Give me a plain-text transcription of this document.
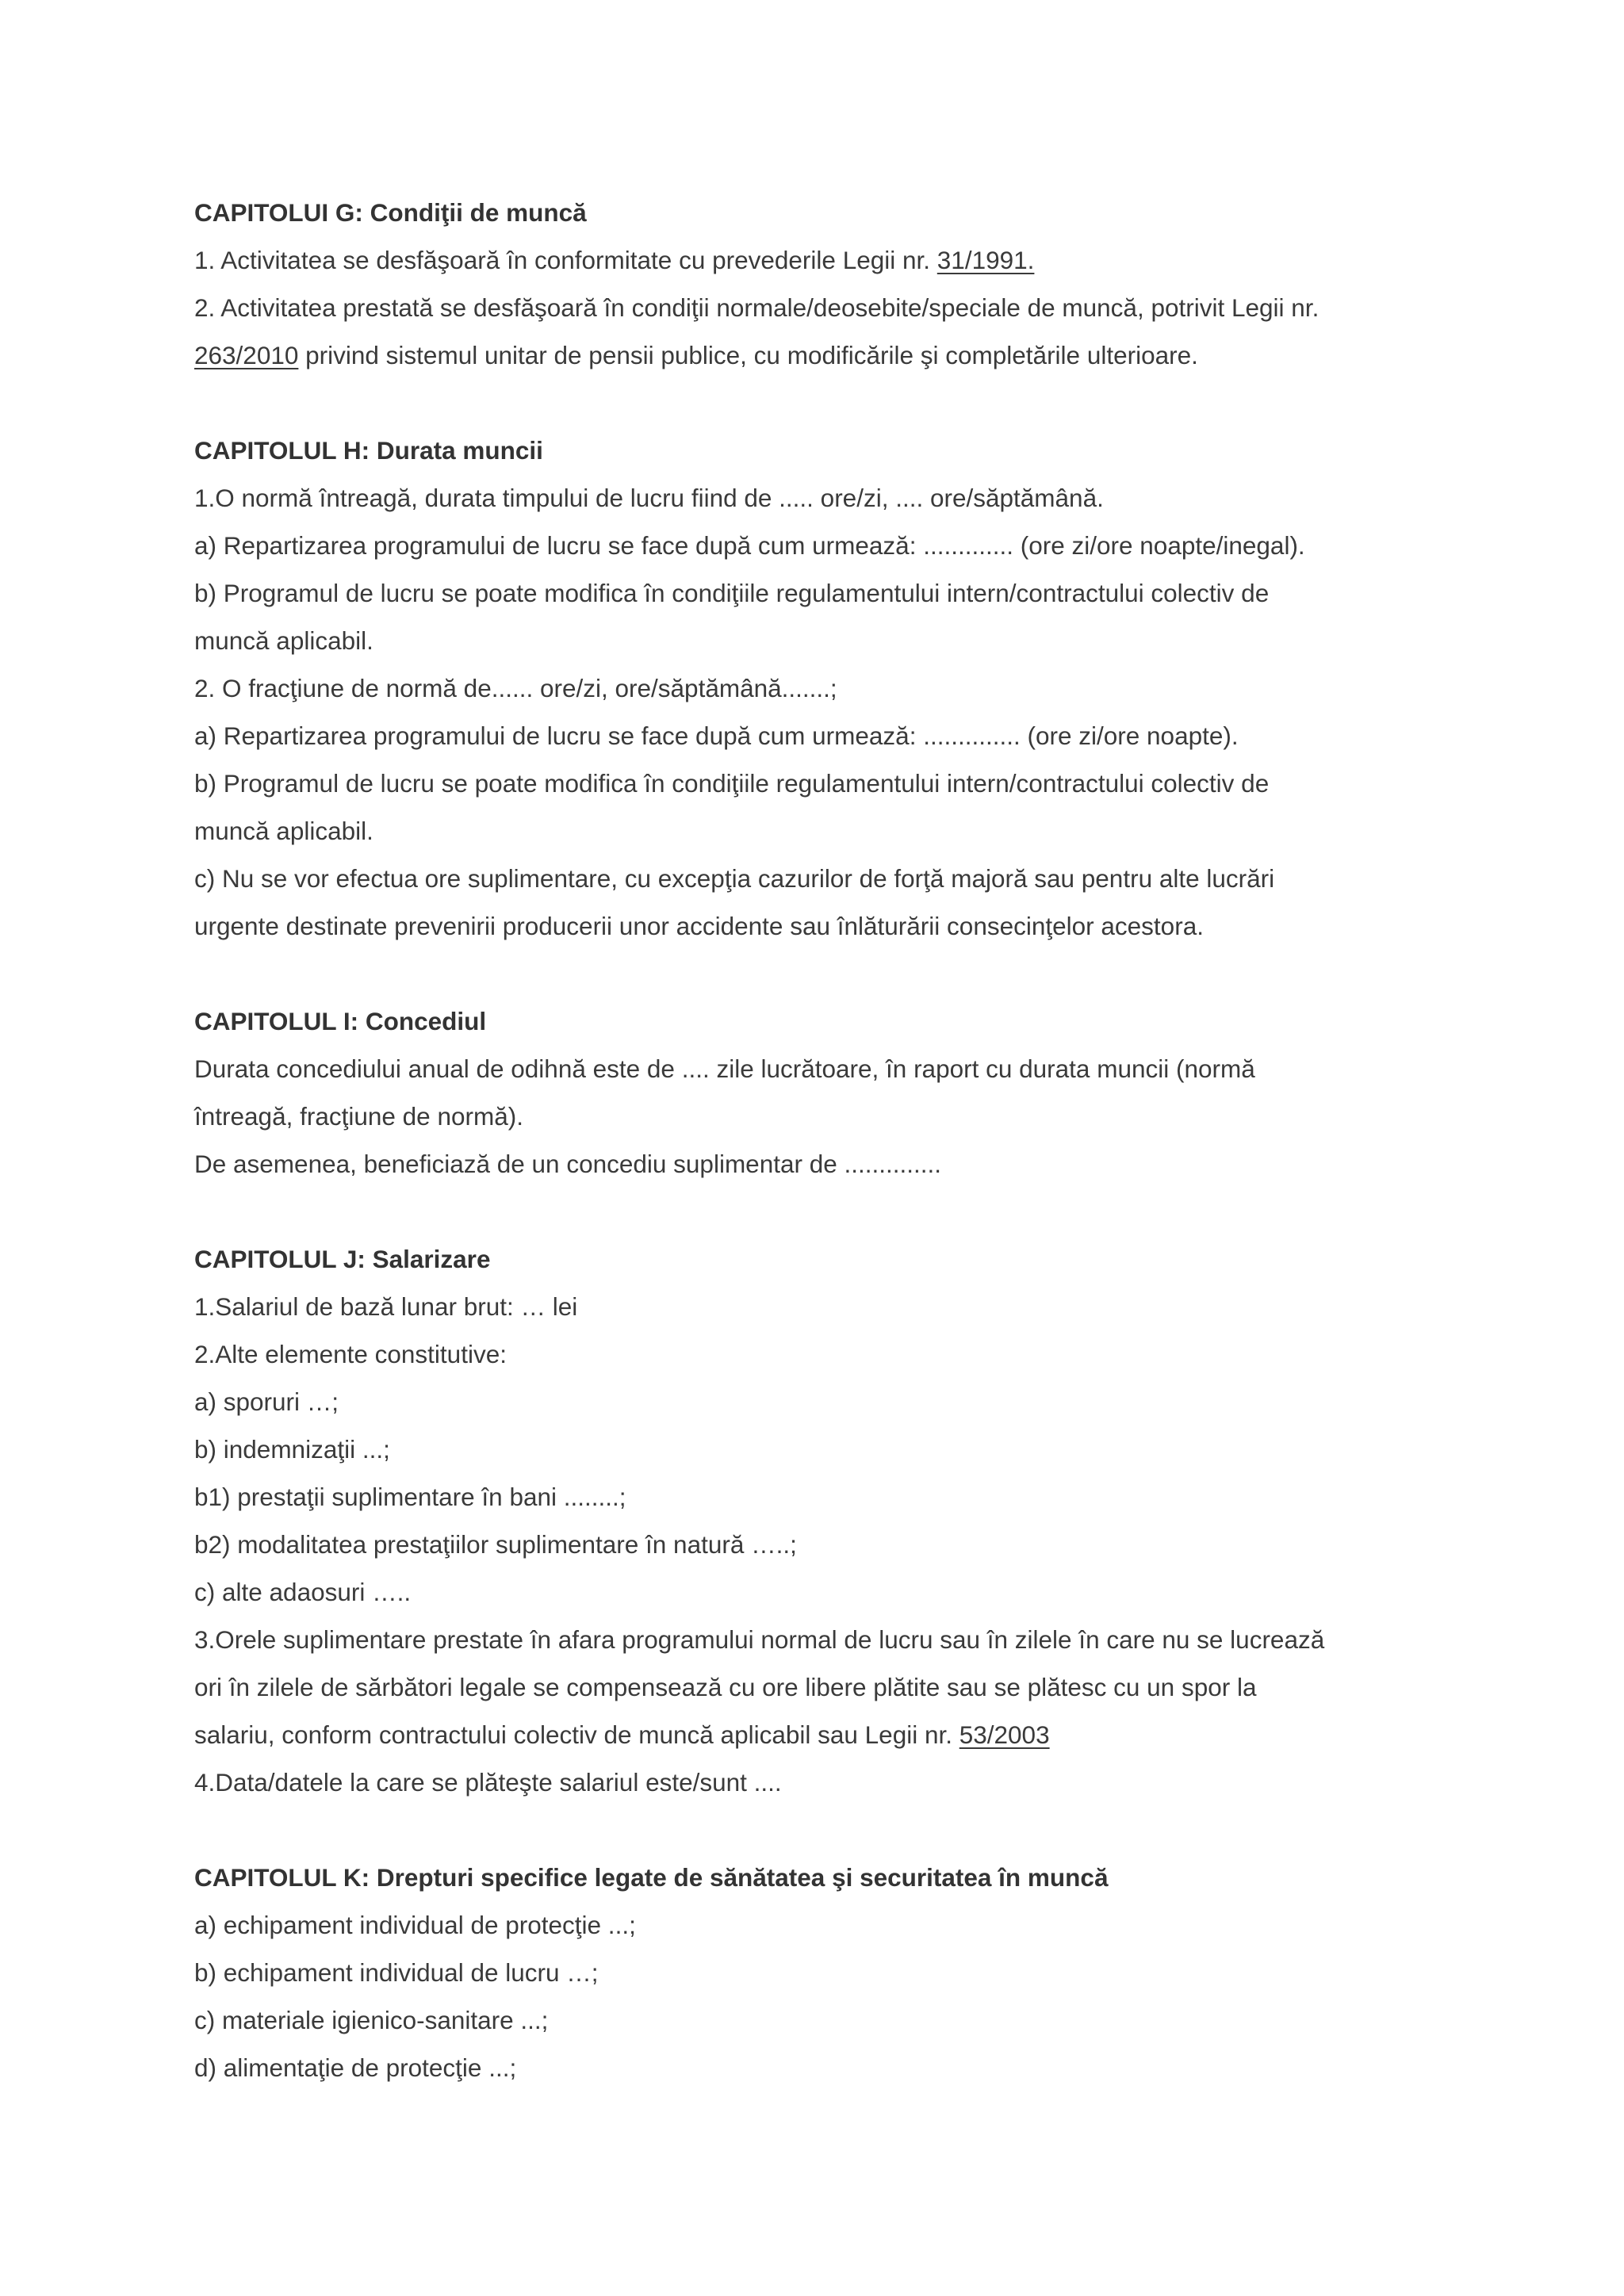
CAPITOLUI G: Condiţii de muncă
1. Activitatea se desfăşoară în conformitate cu prevederile Legii nr. 31/1991.
2. Activitatea prestată se desfăşoară în condiţii normale/deosebite/speciale de muncă, potrivit Legii nr.
263/2010 privind sistemul unitar de pensii publice, cu modificările şi completările ulterioare.
CAPITOLUL H: Durata muncii
1.O normă întreagă, durata timpului de lucru fiind de ..... ore/zi, .... ore/săptămână.
a) Repartizarea programului de lucru se face după cum urmează: ............. (ore zi/ore noapte/inegal).
b) Programul de lucru se poate modifica în condiţiile regulamentului intern/contractului colectiv de
muncă aplicabil.
2. O fracţiune de normă de...... ore/zi, ore/săptămână.......;
a) Repartizarea programului de lucru se face după cum urmează: .............. (ore zi/ore noapte).
b) Programul de lucru se poate modifica în condiţiile regulamentului intern/contractului colectiv de
muncă aplicabil.
c) Nu se vor efectua ore suplimentare, cu excepţia cazurilor de forţă majoră sau pentru alte lucrări
urgente destinate prevenirii producerii unor accidente sau înlăturării consecinţelor acestora.
CAPITOLUL I: Concediul
Durata concediului anual de odihnă este de .... zile lucrătoare, în raport cu durata muncii (normă
întreagă, fracţiune de normă).
De asemenea, beneficiază de un concediu suplimentar de ..............
CAPITOLUL J: Salarizare
1.Salariul de bază lunar brut: … lei
2.Alte elemente constitutive:
a) sporuri …;
b) indemnizaţii ...;
b1) prestaţii suplimentare în bani ........;
b2) modalitatea prestaţiilor suplimentare în natură …..;
c) alte adaosuri …..
3.Orele suplimentare prestate în afara programului normal de lucru sau în zilele în care nu se lucrează
ori în zilele de sărbători legale se compensează cu ore libere plătite sau se plătesc cu un spor la
salariu, conform contractului colectiv de muncă aplicabil sau Legii nr. 53/2003
4.Data/datele la care se plăteşte salariul este/sunt ....
CAPITOLUL K: Drepturi specifice legate de sănătatea şi securitatea în muncă
a) echipament individual de protecţie ...;
b) echipament individual de lucru …;
c) materiale igienico-sanitare ...;
d) alimentaţie de protecţie ...;
